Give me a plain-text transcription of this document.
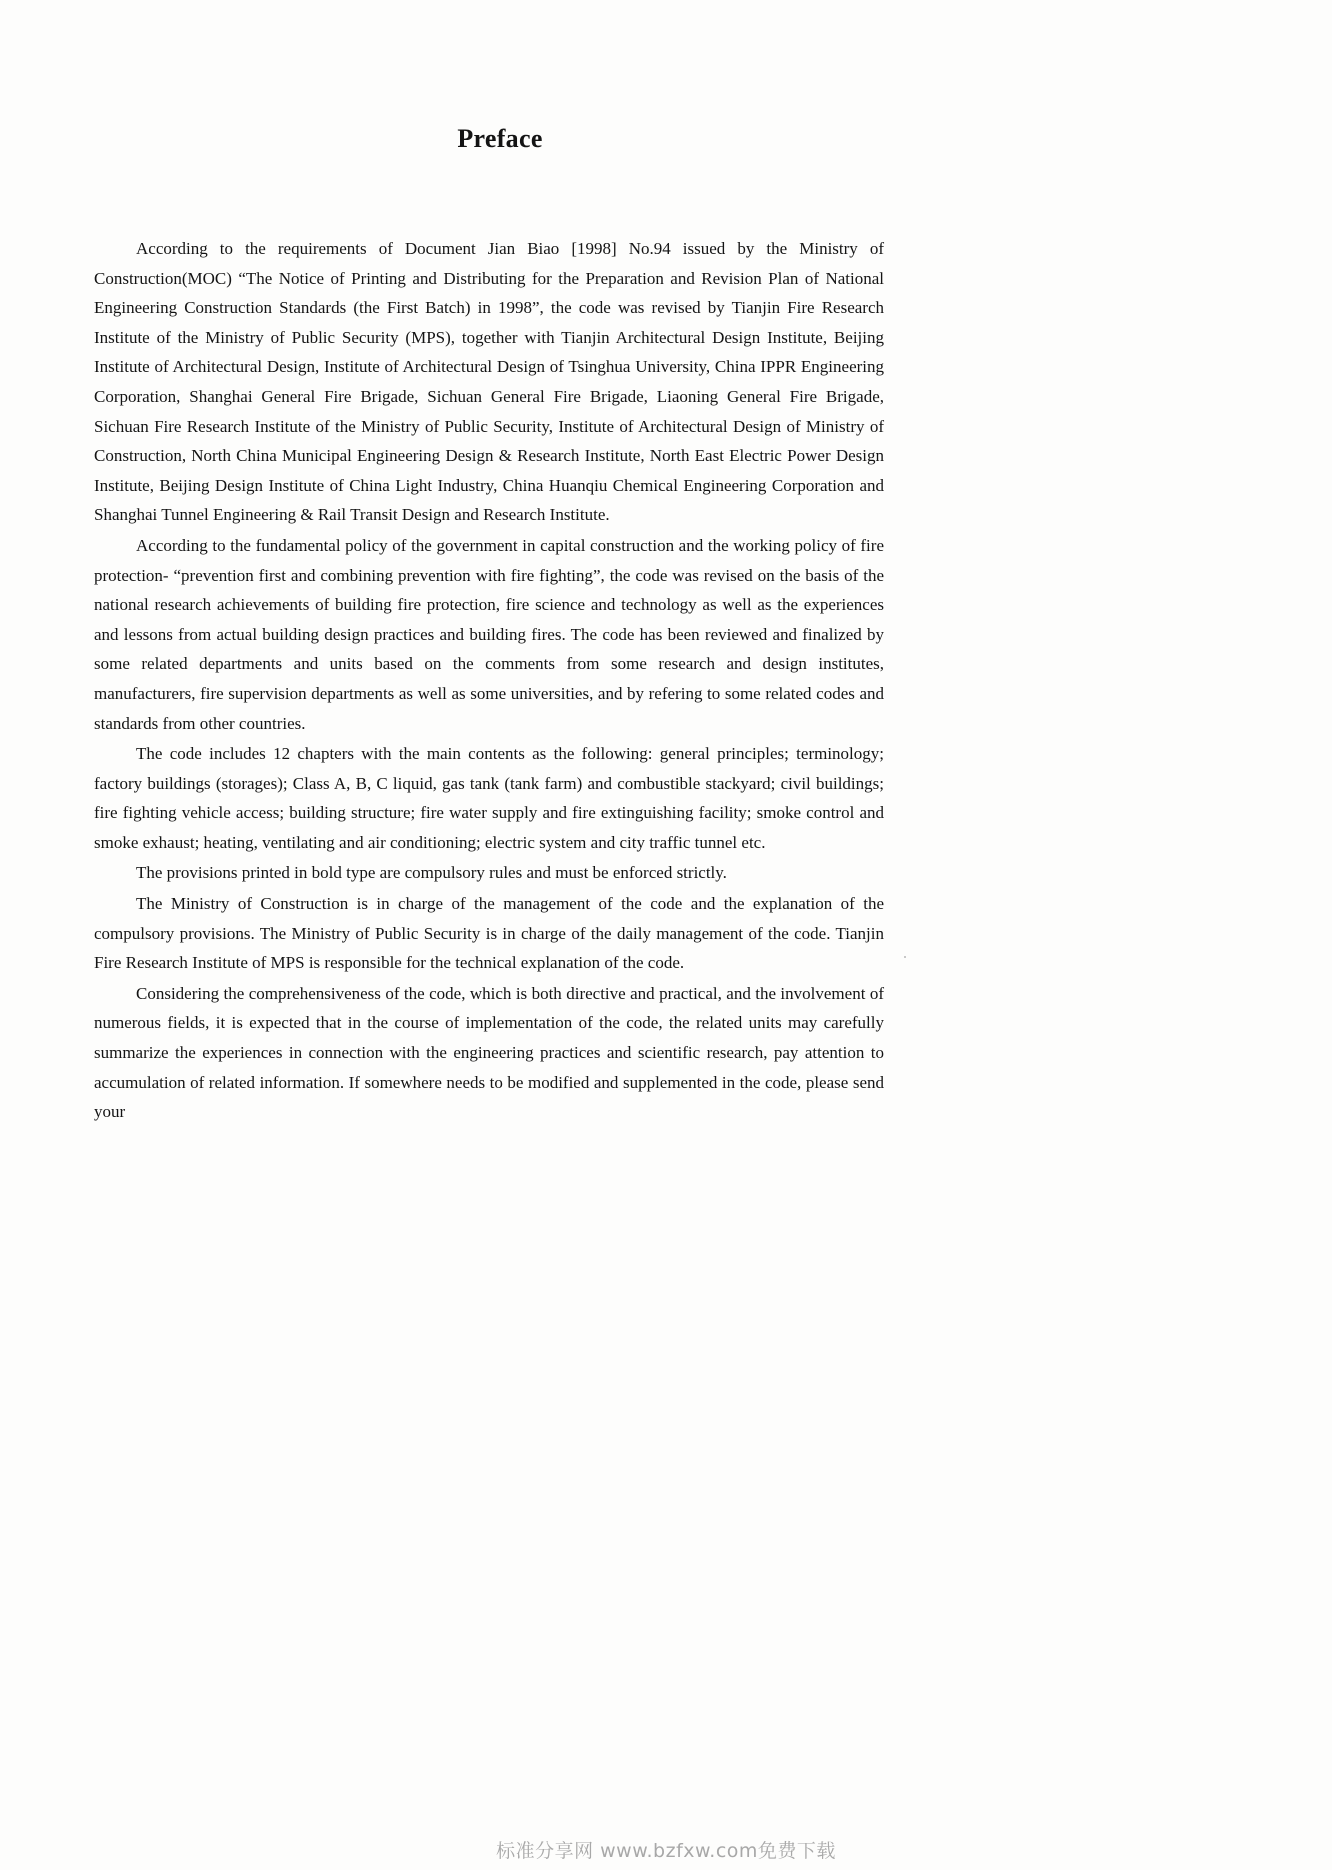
Preface

According to the requirements of Document Jian Biao [1998] No.94 issued by the Ministry of Construction(MOC) “The Notice of Printing and Distributing for the Preparation and Revision Plan of National Engineering Construction Standards (the First Batch) in 1998”, the code was revised by Tianjin Fire Research Institute of the Ministry of Public Security (MPS), together with Tianjin Architectural Design Institute, Beijing Institute of Architectural Design, Institute of Architectural Design of Tsinghua University, China IPPR Engineering Corporation, Shanghai General Fire Brigade, Sichuan General Fire Brigade, Liaoning General Fire Brigade, Sichuan Fire Research Institute of the Ministry of Public Security, Institute of Architectural Design of Ministry of Construction, North China Municipal Engineering Design & Research Institute, North East Electric Power Design Institute, Beijing Design Institute of China Light Industry, China Huanqiu Chemical Engineering Corporation and Shanghai Tunnel Engineering & Rail Transit Design and Research Institute.

According to the fundamental policy of the government in capital construction and the working policy of fire protection- “prevention first and combining prevention with fire fighting”, the code was revised on the basis of the national research achievements of building fire protection, fire science and technology as well as the experiences and lessons from actual building design practices and building fires. The code has been reviewed and finalized by some related departments and units based on the comments from some research and design institutes, manufacturers, fire supervision departments as well as some universities, and by refering to some related codes and standards from other countries.

The code includes 12 chapters with the main contents as the following: general principles; terminology; factory buildings (storages); Class A, B, C liquid, gas tank (tank farm) and combustible stackyard; civil buildings; fire fighting vehicle access; building structure; fire water supply and fire extinguishing facility; smoke control and smoke exhaust; heating, ventilating and air conditioning; electric system and city traffic tunnel etc.

The provisions printed in bold type are compulsory rules and must be enforced strictly.

The Ministry of Construction is in charge of the management of the code and the explanation of the compulsory provisions. The Ministry of Public Security is in charge of the daily management of the code. Tianjin Fire Research Institute of MPS is responsible for the technical explanation of the code.

Considering the comprehensiveness of the code, which is both directive and practical, and the involvement of numerous fields, it is expected that in the course of implementation of the code, the related units may carefully summarize the experiences in connection with the engineering practices and scientific research, pay attention to accumulation of related information. If somewhere needs to be modified and supplemented in the code, please send your

标准分享网 www.bzfxw.com免费下载
